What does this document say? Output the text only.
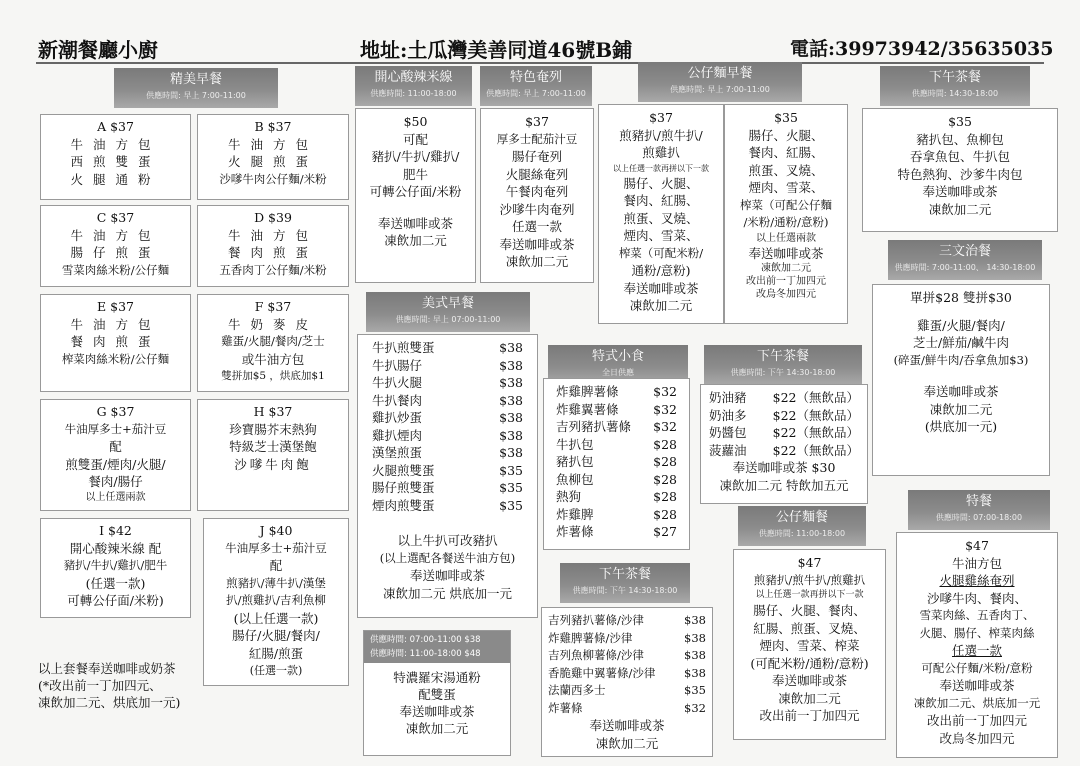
新潮餐廳小廚	地址:土瓜灣美善同道46號B鋪	電話:39973942/35635035
精美早餐
供應時間: 早上 7:00-11:00
A $37
牛油方包
西煎雙蛋
火腿通粉
B $37
牛油方包
火腿煎蛋
沙嗲牛肉公仔麵/米粉
C $37
牛油方包
腸仔煎蛋
雪菜肉絲米粉/公仔麵
D $39
牛油方包
餐肉煎蛋
五香肉丁公仔麵/米粉
E $37
牛油方包
餐肉煎蛋
榨菜肉絲米粉/公仔麵
F $37
牛奶麥皮
雞蛋/火腿/餐肉/芝士
或牛油方包
雙拼加$5 ，烘底加$1
G $37
牛油厚多士+茄汁豆
配
煎雙蛋/煙肉/火腿/
餐肉/腸仔
以上任選兩款
H $37
珍寶腸芥末熱狗
特級芝士漢堡飽
沙嗲牛肉飽
I $42
開心酸辣米線 配
豬扒/牛扒/雞扒/肥牛
(任選一款)
可轉公仔面/米粉)
J $40
牛油厚多士+茄汁豆
配
煎豬扒/薄牛扒/漢堡
扒/煎雞扒/吉利魚柳
(以上任選一款)
腸仔/火腿/餐肉/
紅腸/煎蛋
(任選一款)
以上套餐奉送咖啡或奶茶
(*改出前一丁加四元、
凍飲加二元、烘底加一元)
開心酸辣米線
供應時間: 11:00-18:00
$50
可配
豬扒/牛扒/雞扒/
肥牛
可轉公仔面/米粉
奉送咖啡或茶
凍飲加二元
特色奄列
供應時間: 早上 7:00-11:00
$37
厚多士配茄汁豆
腸仔奄列
火腿絲奄列
午餐肉奄列
沙嗲牛肉奄列
任選一款
奉送咖啡或茶
凍飲加二元
公仔麵早餐
供應時間: 早上 7:00-11:00
$37
煎豬扒/煎牛扒/
煎雞扒
以上任選一款再拼以下一款
腸仔、火腿、
餐肉、紅腸、
煎蛋、叉燒、
煙肉、雪菜、
榨菜（可配米粉/
通粉/意粉)
奉送咖啡或茶
凍飲加二元
$35
腸仔、火腿、
餐肉、紅腸、
煎蛋、叉燒、
煙肉、雪菜、
榨菜（可配公仔麵
/米粉/通粉/意粉)
以上任選兩款
奉送咖啡或茶
凍飲加二元
改出前一丁加四元
改烏冬加四元
下午茶餐
供應時間: 14:30-18:00
$35
豬扒包、魚柳包
吞拿魚包、牛扒包
特色熱狗、沙爹牛肉包
奉送咖啡或茶
凍飲加二元
三文治餐
供應時間: 7:00-11:00、 14:30-18:00
單拼$28 雙拼$30
雞蛋/火腿/餐肉/
芝士/鮮茄/鹹牛肉
(碎蛋/鮮牛肉/吞拿魚加$3)
奉送咖啡或茶
凍飲加二元
(烘底加一元)
美式早餐
供應時間: 早上 07:00-11:00
牛扒煎雙蛋	$38
牛扒腸仔	$38
牛扒火腿	$38
牛扒餐肉	$38
雞扒炒蛋	$38
雞扒煙肉	$38
漢堡煎蛋	$38
火腿煎雙蛋	$35
腸仔煎雙蛋	$35
煙肉煎雙蛋	$35
以上牛扒可改豬扒
(以上選配各餐送牛油方包)
奉送咖啡或茶
凍飲加二元 烘底加一元
供應時間: 07:00-11:00 $38
供應時間: 11:00-18:00 $48
特濃羅宋湯通粉
配雙蛋
奉送咖啡或茶
凍飲加二元
特式小食
全日供應
炸雞脾薯條	$32
炸雞翼薯條	$32
吉列豬扒薯條 $32
牛扒包	$28
豬扒包	$28
魚柳包	$28
熱狗	$28
炸雞脾	$28
炸薯條	$27
下午茶餐
供應時間: 下午 14:30-18:00
奶油豬 $22（無飲品）
奶油多 $22（無飲品）
奶醬包 $22（無飲品）
菠蘿油 $22（無飲品）
奉送咖啡或茶 $30
凍飲加二元 特飲加五元
公仔麵餐
供應時間: 11:00-18:00
$47
煎豬扒/煎牛扒/煎雞扒
以上任選一款再拼以下一款
腸仔、火腿、餐肉、
紅腸、煎蛋、叉燒、
煙肉、雪菜、榨菜
(可配米粉/通粉/意粉)
奉送咖啡或茶
凍飲加二元
改出前一丁加四元
特餐
供應時間: 07:00-18:00
$47
牛油方包
火腿雞絲奄列
沙嗲牛肉、餐肉、
雪菜肉絲、五香肉丁、
火腿、腸仔、榨菜肉絲
任選一款
可配公仔麵/米粉/意粉
奉送咖啡或茶
凍飲加二元、烘底加一元
改出前一丁加四元
改烏冬加四元
下午茶餐
供應時間: 下午 14:30-18:00
吉列豬扒薯條/沙律	$38
炸雞脾薯條/沙律	$38
吉列魚柳薯條/沙律	$38
香脆雞中翼薯條/沙律 $38
法蘭西多士	$35
炸薯條	$32
奉送咖啡或茶
凍飲加二元
